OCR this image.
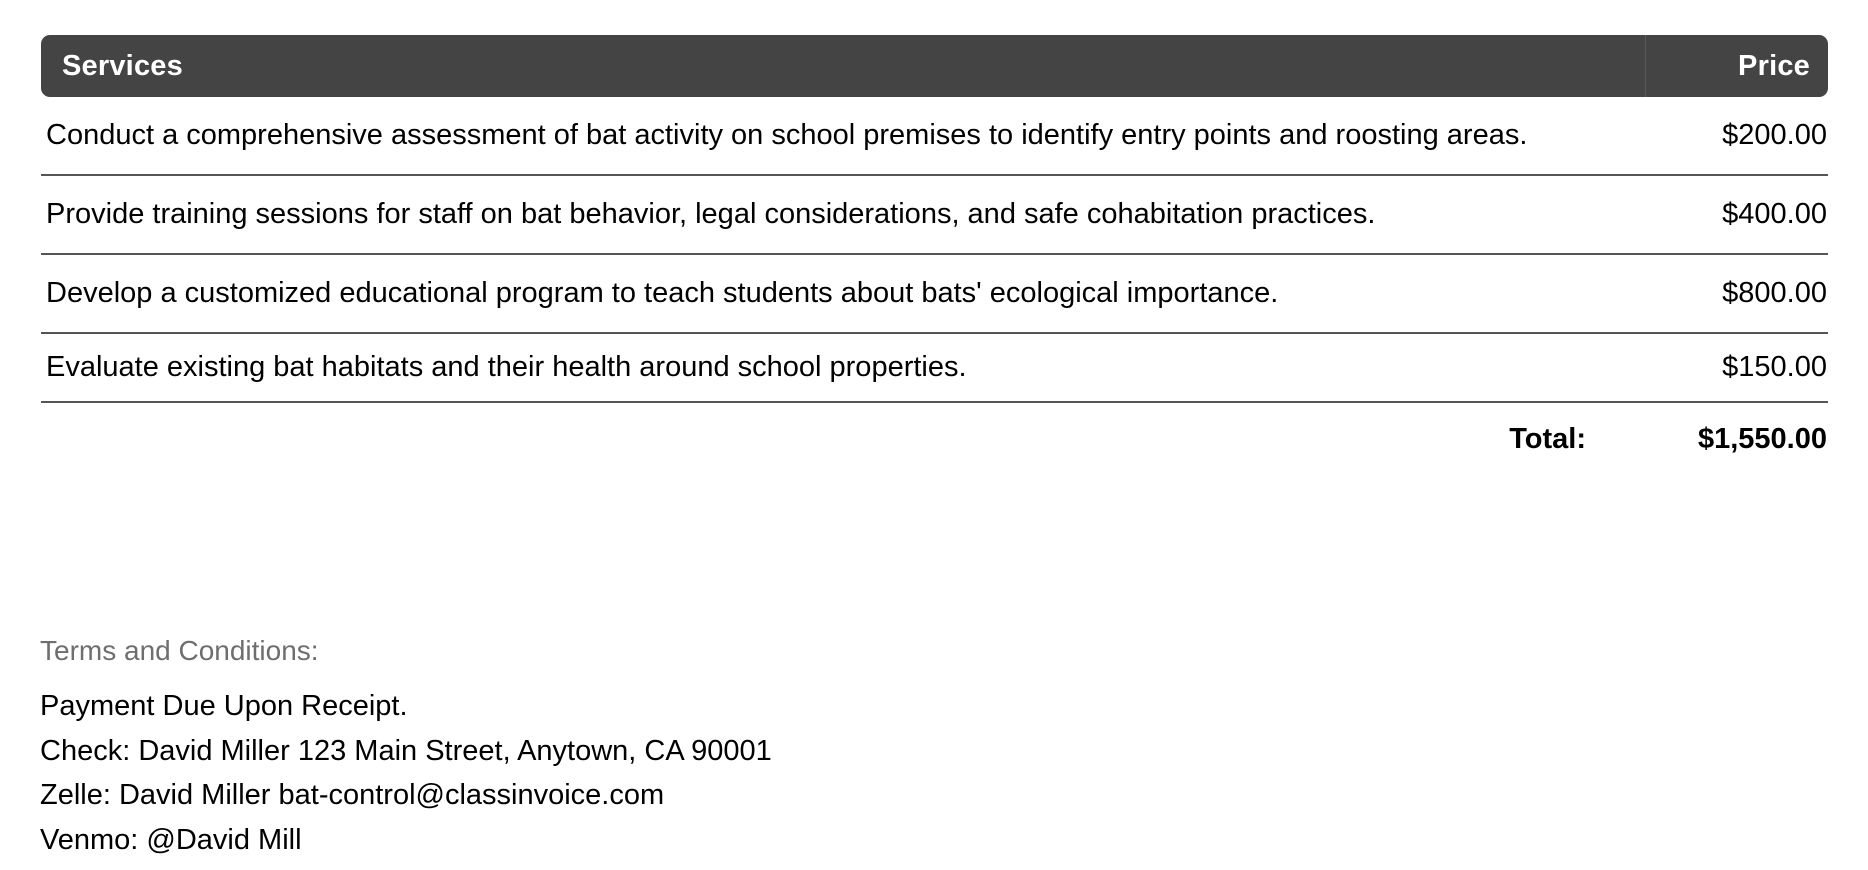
Services	Price
Conduct a comprehensive assessment of bat activity on school premises to identify entry points and roosting areas.	$200.00
Provide training sessions for staff on bat behavior, legal considerations, and safe cohabitation practices.	$400.00
Develop a customized educational program to teach students about bats' ecological importance.	$800.00
Evaluate existing bat habitats and their health around school properties.	$150.00
Total:	$1,550.00
Terms and Conditions:
Payment Due Upon Receipt.
Check: David Miller 123 Main Street, Anytown, CA 90001
Zelle: David Miller bat-control@classinvoice.com
Venmo: @David Mill
